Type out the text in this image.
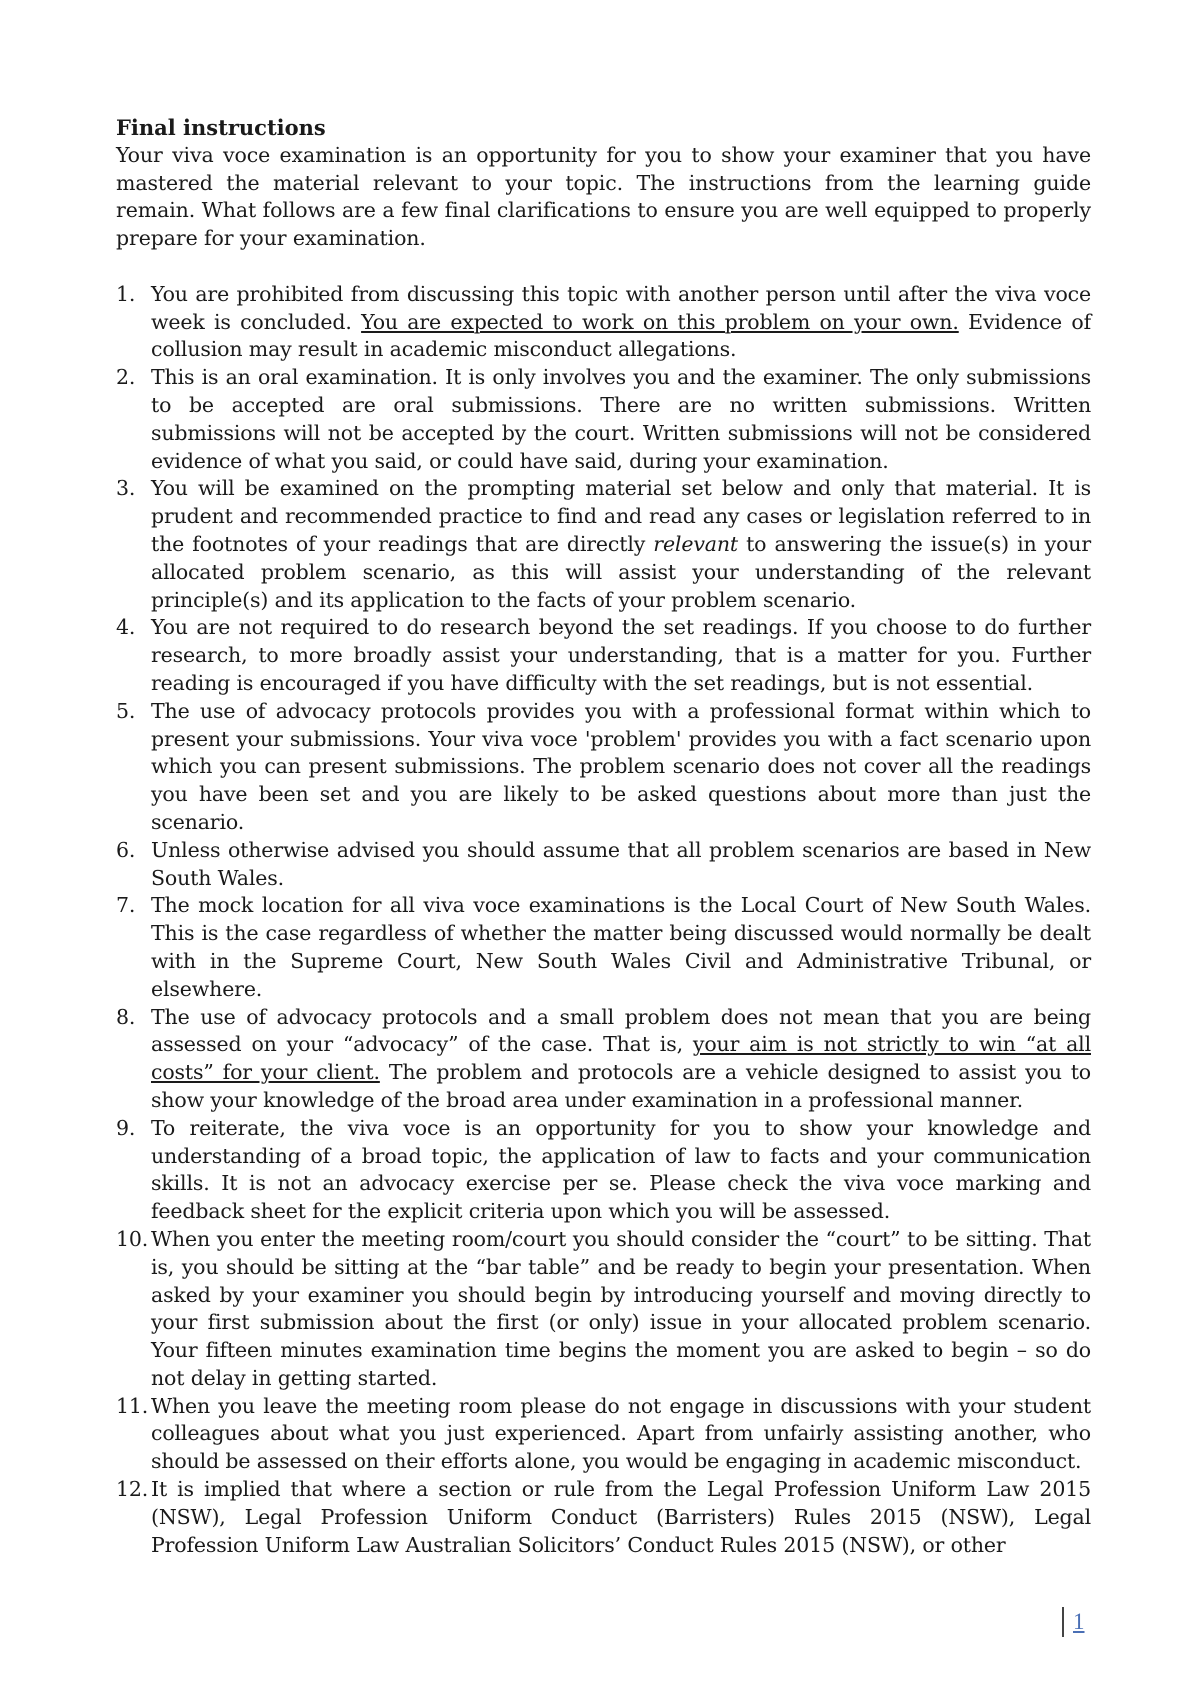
Final instructions

Your viva voce examination is an opportunity for you to show your examiner that you have mastered the material relevant to your topic. The instructions from the learning guide remain. What follows are a few final clarifications to ensure you are well equipped to properly prepare for your examination.

1. You are prohibited from discussing this topic with another person until after the viva voce week is concluded. You are expected to work on this problem on your own. Evidence of collusion may result in academic misconduct allegations.
2. This is an oral examination. It is only involves you and the examiner. The only submissions to be accepted are oral submissions. There are no written submissions. Written submissions will not be accepted by the court. Written submissions will not be considered evidence of what you said, or could have said, during your examination.
3. You will be examined on the prompting material set below and only that material. It is prudent and recommended practice to find and read any cases or legislation referred to in the footnotes of your readings that are directly relevant to answering the issue(s) in your allocated problem scenario, as this will assist your understanding of the relevant principle(s) and its application to the facts of your problem scenario.
4. You are not required to do research beyond the set readings. If you choose to do further research, to more broadly assist your understanding, that is a matter for you. Further reading is encouraged if you have difficulty with the set readings, but is not essential.
5. The use of advocacy protocols provides you with a professional format within which to present your submissions. Your viva voce 'problem' provides you with a fact scenario upon which you can present submissions. The problem scenario does not cover all the readings you have been set and you are likely to be asked questions about more than just the scenario.
6. Unless otherwise advised you should assume that all problem scenarios are based in New South Wales.
7. The mock location for all viva voce examinations is the Local Court of New South Wales. This is the case regardless of whether the matter being discussed would normally be dealt with in the Supreme Court, New South Wales Civil and Administrative Tribunal, or elsewhere.
8. The use of advocacy protocols and a small problem does not mean that you are being assessed on your “advocacy” of the case. That is, your aim is not strictly to win “at all costs” for your client. The problem and protocols are a vehicle designed to assist you to show your knowledge of the broad area under examination in a professional manner.
9. To reiterate, the viva voce is an opportunity for you to show your knowledge and understanding of a broad topic, the application of law to facts and your communication skills. It is not an advocacy exercise per se. Please check the viva voce marking and feedback sheet for the explicit criteria upon which you will be assessed.
10. When you enter the meeting room/court you should consider the “court” to be sitting. That is, you should be sitting at the “bar table” and be ready to begin your presentation. When asked by your examiner you should begin by introducing yourself and moving directly to your first submission about the first (or only) issue in your allocated problem scenario. Your fifteen minutes examination time begins the moment you are asked to begin – so do not delay in getting started.
11. When you leave the meeting room please do not engage in discussions with your student colleagues about what you just experienced. Apart from unfairly assisting another, who should be assessed on their efforts alone, you would be engaging in academic misconduct.
12. It is implied that where a section or rule from the Legal Profession Uniform Law 2015 (NSW), Legal Profession Uniform Conduct (Barristers) Rules 2015 (NSW), Legal Profession Uniform Law Australian Solicitors’ Conduct Rules 2015 (NSW), or other
1
